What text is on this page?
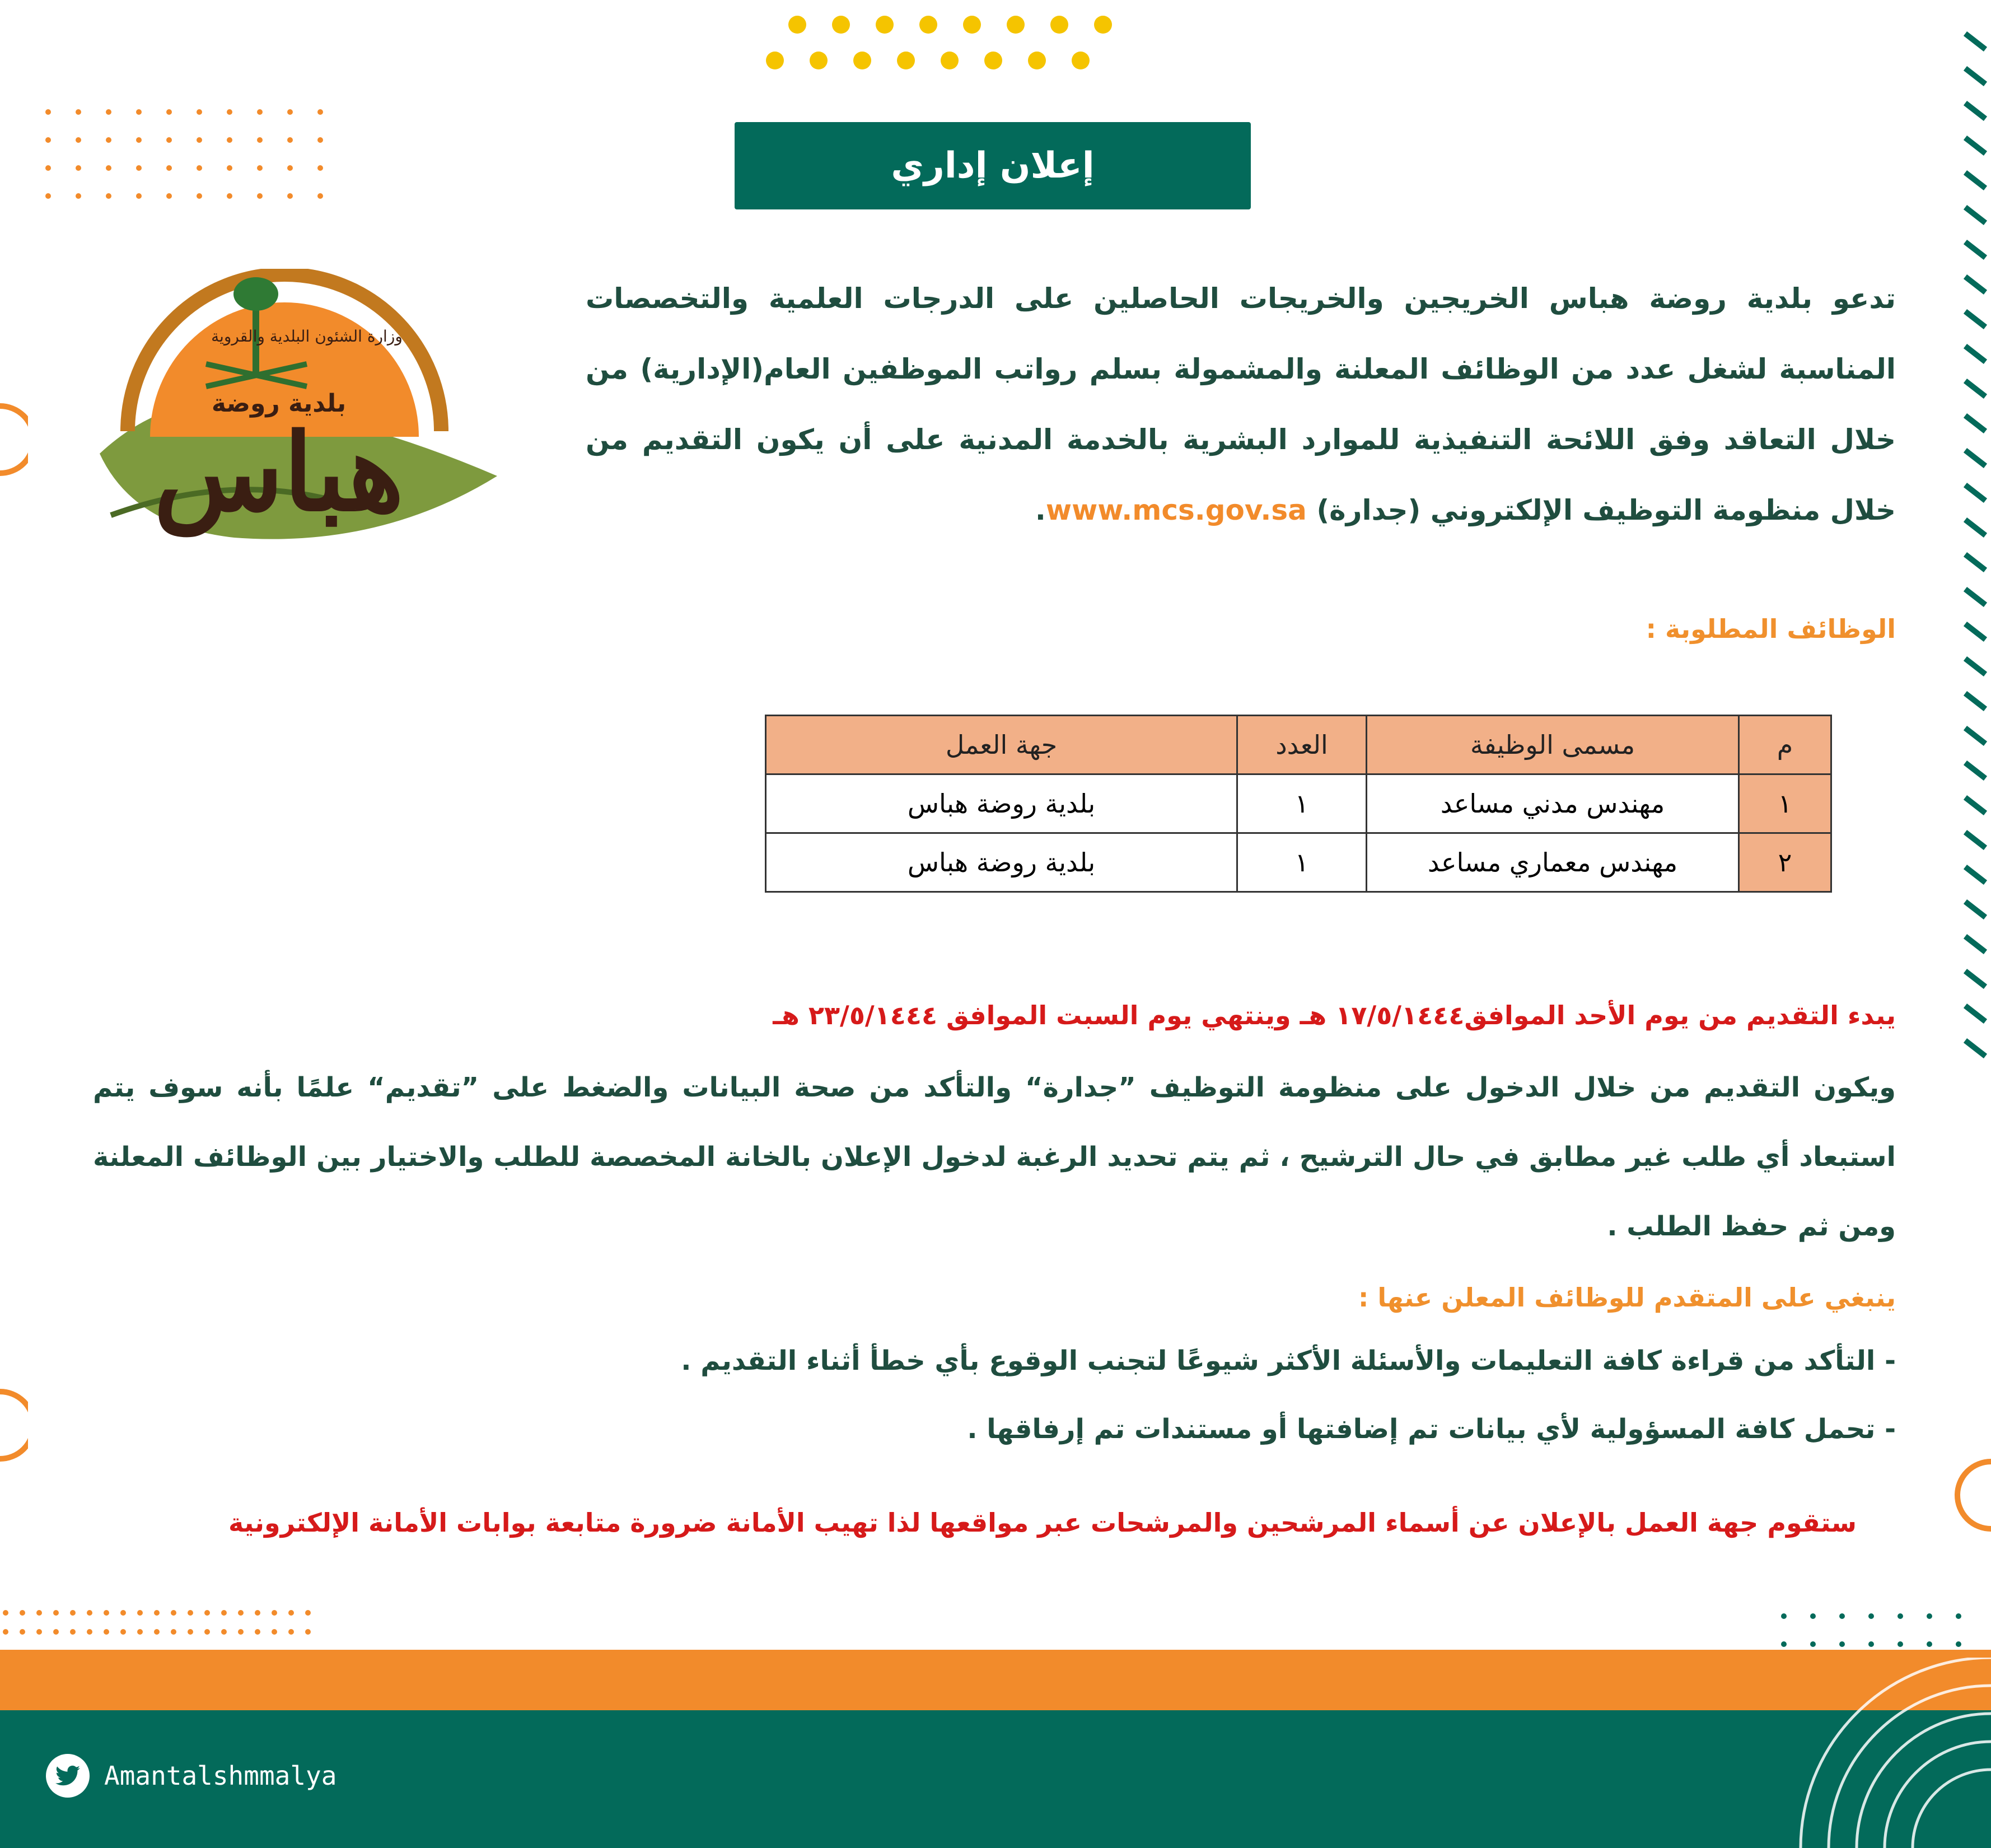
إعلان إداري
هباس
بلدية روضة
وزارة الشئون البلدية والقروية
تدعو بلدية روضة هباس الخريجين والخريجات الحاصلين على الدرجات العلمية والتخصصات المناسبة لشغل عدد من الوظائف المعلنة والمشمولة بسلم رواتب الموظفين العام(الإدارية) من خلال التعاقد وفق اللائحة التنفيذية للموارد البشرية بالخدمة المدنية على أن يكون التقديم من خلال منظومة التوظيف الإلكتروني (جدارة) www.mcs.gov.sa.
الوظائف المطلوبة :
م	مسمى الوظيفة	العدد	جهة العمل
١	مهندس مدني مساعد	١	بلدية روضة هباس
٢	مهندس معماري مساعد	١	بلدية روضة هباس
يبدء التقديم من يوم الأحد الموافق١٧/٥/١٤٤٤ هـ وينتهي يوم السبت الموافق ٢٣/٥/١٤٤٤ هـ
ويكون التقديم من خلال الدخول على منظومة التوظيف ”جدارة“ والتأكد من صحة البيانات والضغط على ”تقديم“ علمًا بأنه سوف يتم استبعاد أي طلب غير مطابق في حال الترشيح ، ثم يتم تحديد الرغبة لدخول الإعلان بالخانة المخصصة للطلب والاختيار بين الوظائف المعلنة ومن ثم حفظ الطلب .
ينبغي على المتقدم للوظائف المعلن عنها :
- التأكد من قراءة كافة التعليمات والأسئلة الأكثر شيوعًا لتجنب الوقوع بأي خطأ أثناء التقديم .
- تحمل كافة المسؤولية لأي بيانات تم إضافتها أو مستندات تم إرفاقها .
ستقوم جهة العمل بالإعلان عن أسماء المرشحين والمرشحات عبر مواقعها لذا تهيب الأمانة ضرورة متابعة بوابات الأمانة الإلكترونية
Amantalshmmalya
